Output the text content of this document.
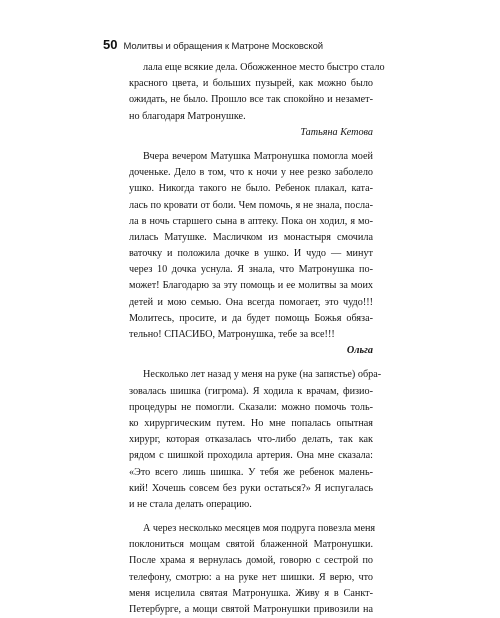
50 Молитвы и обращения к Матроне Московской
лала еще всякие дела. Обожженное место быстро стало
красного цвета, и больших пузырей, как можно было
ожидать, не было. Прошло все так спокойно и незамет-
но благодаря Матронушке.
Татьяна Кетова
Вчера вечером Матушка Матронушка помогла моей
доченьке. Дело в том, что к ночи у нее резко заболело
ушко. Никогда такого не было. Ребенок плакал, ката-
лась по кровати от боли. Чем помочь, я не знала, посла-
ла в ночь старшего сына в аптеку. Пока он ходил, я мо-
лилась Матушке. Масличком из монастыря смочила
ваточку и положила дочке в ушко. И чудо — минут
через 10 дочка уснула. Я знала, что Матронушка по-
может! Благодарю за эту помощь и ее молитвы за моих
детей и мою семью. Она всегда помогает, это чудо!!!
Молитесь, просите, и да будет помощь Божья обяза-
тельно! СПАСИБО, Матронушка, тебе за все!!!
Ольга
Несколько лет назад у меня на руке (на запястье) обра-
зовалась шишка (гигрома). Я ходила к врачам, физио-
процедуры не помогли. Сказали: можно помочь толь-
ко хирургическим путем. Но мне попалась опытная
хирург, которая отказалась что-либо делать, так как
рядом с шишкой проходила артерия. Она мне сказала:
«Это всего лишь шишка. У тебя же ребенок малень-
кий! Хочешь совсем без руки остаться?» Я испугалась
и не стала делать операцию.
А через несколько месяцев моя подруга повезла меня
поклониться мощам святой блаженной Матронушки.
После храма я вернулась домой, говорю с сестрой по
телефону, смотрю: а на руке нет шишки. Я верю, что
меня исцелила святая Матронушка. Живу я в Санкт-
Петербурге, а мощи святой Матронушки привозили на
